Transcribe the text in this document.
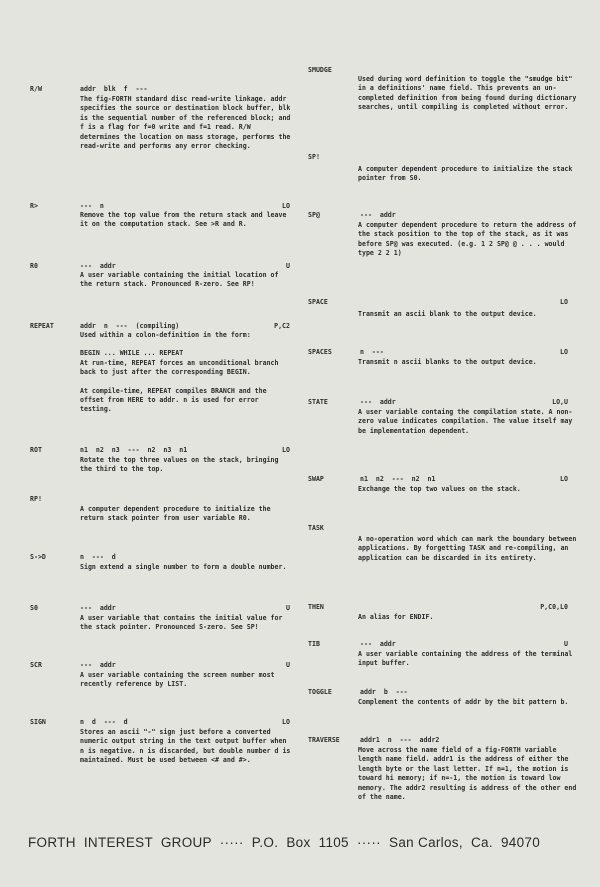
R/W	addr  blk  f  ---

The fig-FORTH standard disc read-write linkage. addr specifies the source or destination block buffer, blk is the sequential number of the referenced block; and f is a flag for f=0 write and f=1 read. R/W determines the location on mass storage, performs the read-write and performs any error checking.

R>	---  n	LO

Remove the top value from the return stack and leave it on the computation stack. See >R and R.

R0	---  addr	U

A user variable containing the initial location of the return stack. Pronounced R-zero. See RP!

REPEAT	addr  n  ---  (compiling)	P,C2

Used within a colon-definition in the form:

BEGIN ... WHILE ... REPEAT
At run-time, REPEAT forces an unconditional branch back to just after the corresponding BEGIN.

At compile-time, REPEAT compiles BRANCH and the offset from HERE to addr. n is used for error testing.

ROT	n1  n2  n3  ---  n2  n3  n1	LO

Rotate the top three values on the stack, bringing the third to the top.

RP!

A computer dependent procedure to initialize the return stack pointer from user variable R0.

S->D	n  ---  d

Sign extend a single number to form a double number.

S0	---  addr	U

A user variable that contains the initial value for the stack pointer. Pronounced S-zero. See SP!

SCR	---  addr	U

A user variable containing the screen number most recently reference by LIST.

SIGN	n  d  ---  d	LO

Stores an ascii "-" sign just before a converted numeric output string in the text output buffer when n is negative. n is discarded, but double number d is maintained. Must be used between <# and #>.

SMUDGE

Used during word definition to toggle the "smudge bit" in a definitions' name field. This prevents an un-completed definition from being found during dictionary searches, until compiling is completed without error.

SP!

A computer dependent procedure to initialize the stack pointer from S0.

SP@	---  addr

A computer dependent procedure to return the address of the stack position to the top of the stack, as it was before SP@ was executed. (e.g. 1 2 SP@ @ . . . would type 2 2 1)

SPACE	LO

Transmit an ascii blank to the output device.

SPACES	n  ---	LO

Transmit n ascii blanks to the output device.

STATE	---  addr	LO,U

A user variable containg the compilation state. A non-zero value indicates compilation. The value itself may be implementation dependent.

SWAP	n1  n2  ---  n2  n1	LO

Exchange the top two values on the stack.

TASK

A no-operation word which can mark the boundary between applications. By forgetting TASK and re-compiling, an application can be discarded in its entirety.

THEN	P,C0,L0

An alias for ENDIF.

TIB	---  addr	U

A user variable containing the address of the terminal input buffer.

TOGGLE	addr  b  ---

Complement the contents of addr by the bit pattern b.

TRAVERSE	addr1  n  ---  addr2

Move across the name field of a fig-FORTH variable length name field. addr1 is the address of either the length byte or the last letter. If n=1, the motion is toward hi memory; if n=-1, the motion is toward low memory. The addr2 resulting is address of the other end of the name.

FORTH  INTEREST  GROUP  ·····  P.O.  Box  1105  ·····  San Carlos,  Ca.  94070
